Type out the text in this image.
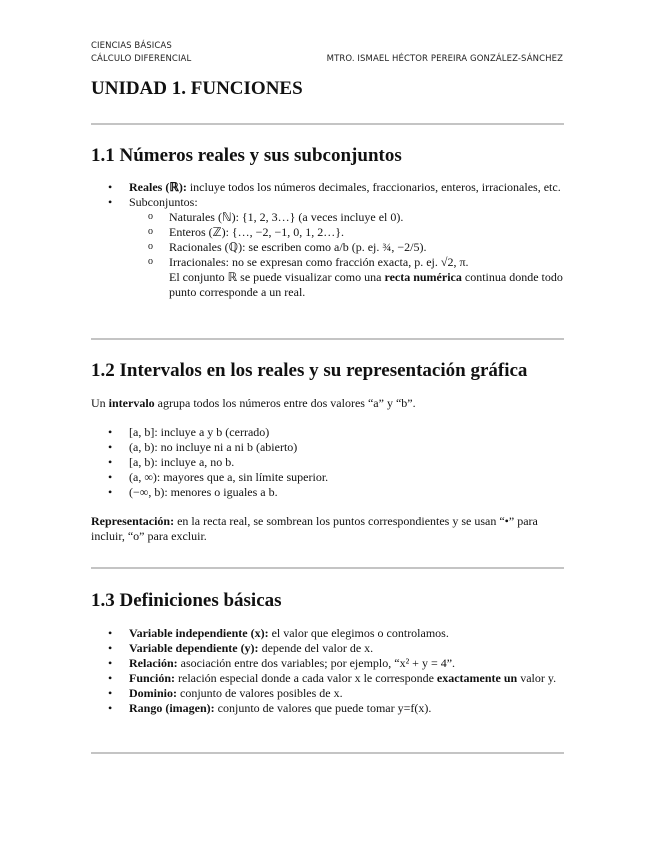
CIENCIAS BÁSICAS
CÁLCULO DIFERENCIAL	MTRO. ISMAEL HÉCTOR PEREIRA GONZÁLEZ-SÁNCHEZ
UNIDAD 1. FUNCIONES
1.1 Números reales y sus subconjuntos
• Reales (ℝ): incluye todos los números decimales, fraccionarios, enteros, irracionales, etc.
• Subconjuntos:
o Naturales (ℕ): {1, 2, 3…} (a veces incluye el 0).
o Enteros (ℤ): {…, −2, −1, 0, 1, 2…}.
o Racionales (ℚ): se escriben como a/b (p. ej. ¾, −2/5).
o Irracionales: no se expresan como fracción exacta, p. ej. √2, π.
El conjunto ℝ se puede visualizar como una recta numérica continua donde todo punto corresponde a un real.
1.2 Intervalos en los reales y su representación gráfica
Un intervalo agrupa todos los números entre dos valores “a” y “b”.
• [a, b]: incluye a y b (cerrado)
• (a, b): no incluye ni a ni b (abierto)
• [a, b): incluye a, no b.
• (a, ∞): mayores que a, sin límite superior.
• (−∞, b): menores o iguales a b.
Representación: en la recta real, se sombrean los puntos correspondientes y se usan “•” para incluir, “o” para excluir.
1.3 Definiciones básicas
• Variable independiente (x): el valor que elegimos o controlamos.
• Variable dependiente (y): depende del valor de x.
• Relación: asociación entre dos variables; por ejemplo, “x² + y = 4”.
• Función: relación especial donde a cada valor x le corresponde exactamente un valor y.
• Dominio: conjunto de valores posibles de x.
• Rango (imagen): conjunto de valores que puede tomar y=f(x).
